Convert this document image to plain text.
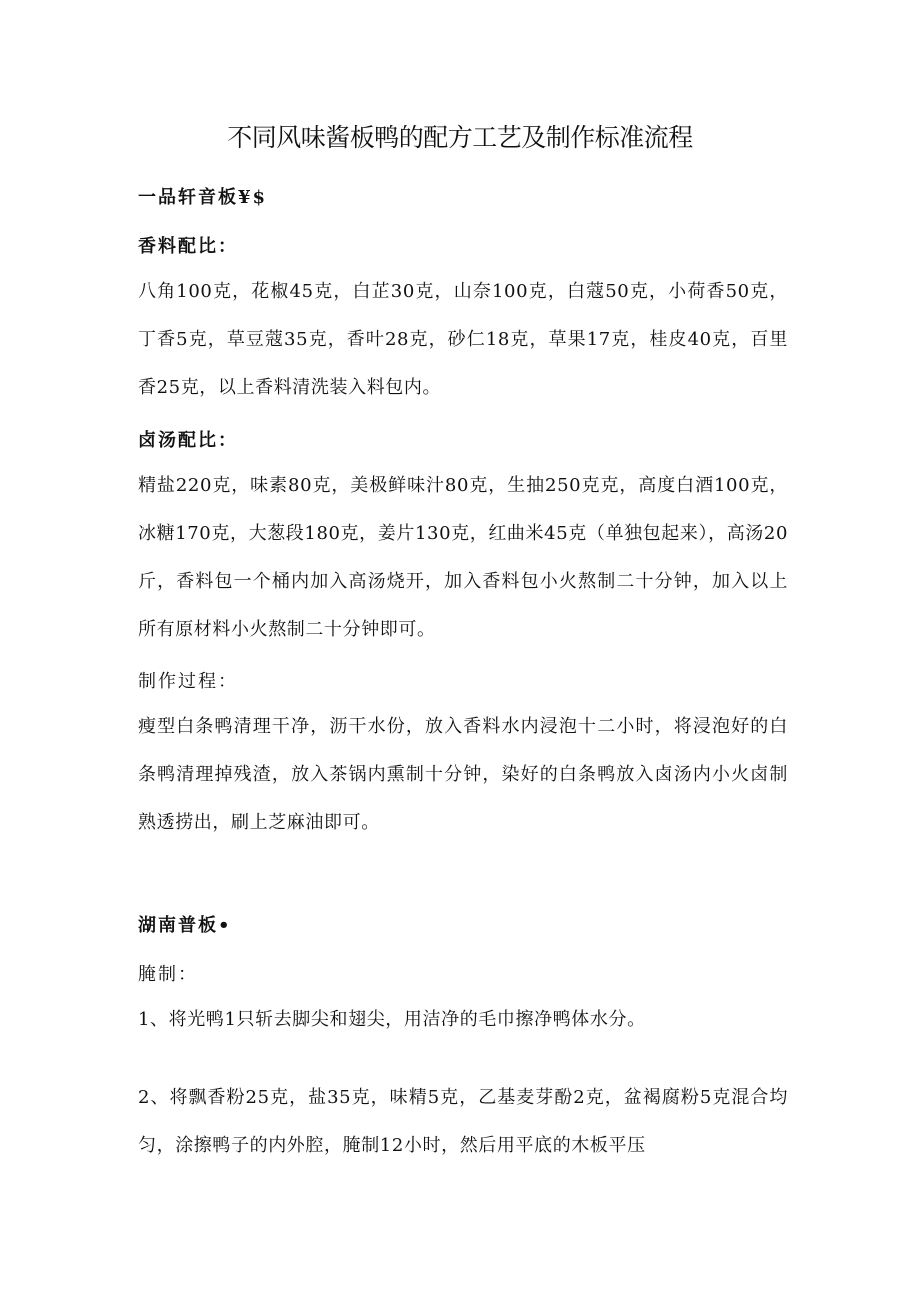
不同风味酱板鸭的配方工艺及制作标准流程
一品轩音板¥$
香料配比：
八角100克，花椒45克，白芷30克，山奈100克，白蔻50克，小荷香50克，丁香5克，草豆蔻35克，香叶28克，砂仁18克，草果17克，桂皮40克，百里香25克，以上香料清洗装入料包内。
卤汤配比：
精盐220克，味素80克，美极鲜味汁80克，生抽250克克，高度白酒100克，冰糖170克，大葱段180克，姜片130克，红曲米45克（单独包起来），高汤20斤，香料包一个桶内加入高汤烧开，加入香料包小火熬制二十分钟，加入以上所有原材料小火熬制二十分钟即可。
制作过程：
瘦型白条鸭清理干净，沥干水份，放入香料水内浸泡十二小时，将浸泡好的白条鸭清理掉残渣，放入茶锅内熏制十分钟，染好的白条鸭放入卤汤内小火卤制熟透捞出，刷上芝麻油即可。
湖南普板•
腌制：
1、将光鸭1只斩去脚尖和翅尖，用洁净的毛巾擦净鸭体水分。
2、将飘香粉25克，盐35克，味精5克，乙基麦芽酚2克，盆褐腐粉5克混合均匀，涂擦鸭子的内外腔，腌制12小时，然后用平底的木板平压
